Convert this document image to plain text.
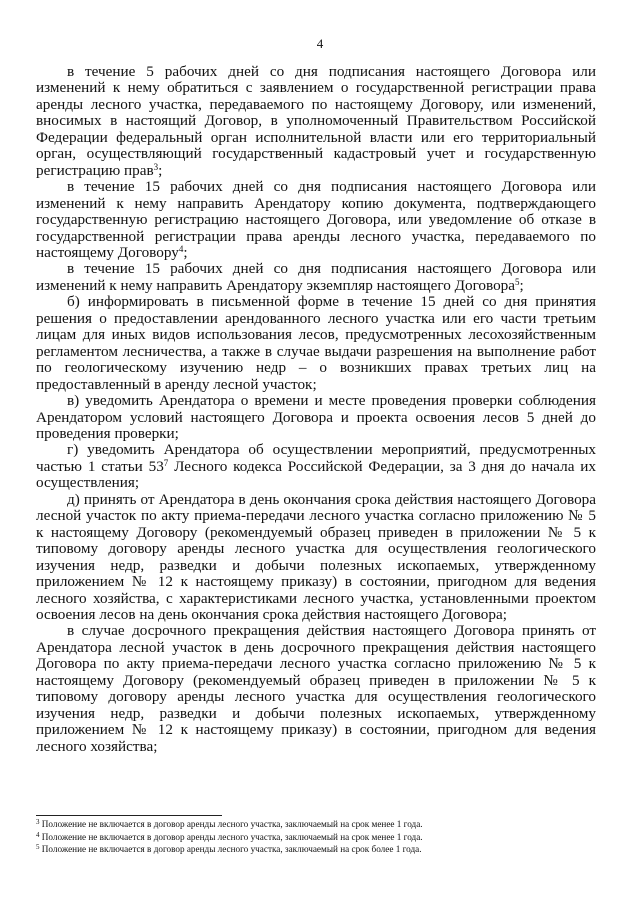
4

в течение 5 рабочих дней со дня подписания настоящего Договора или изменений к нему обратиться с заявлением о государственной регистрации права аренды лесного участка, передаваемого по настоящему Договору, или изменений, вносимых в настоящий Договор, в уполномоченный Правительством Российской Федерации федеральный орган исполнительной власти или его территориальный орган, осуществляющий государственный кадастровый учет и государственную регистрацию прав$^3$;

в течение 15 рабочих дней со дня подписания настоящего Договора или изменений к нему направить Арендатору копию документа, подтверждающего государственную регистрацию настоящего Договора, или уведомление об отказе в государственной регистрации права аренды лесного участка, передаваемого по настоящему Договору$^4$;

в течение 15 рабочих дней со дня подписания настоящего Договора или изменений к нему направить Арендатору экземпляр настоящего Договора$^5$;

б) информировать в письменной форме в течение 15 дней со дня принятия решения о предоставлении арендованного лесного участка или его части третьим лицам для иных видов использования лесов, предусмотренных лесохозяйственным регламентом лесничества, а также в случае выдачи разрешения на выполнение работ по геологическому изучению недр – о возникших правах третьих лиц на предоставленный в аренду лесной участок;

в) уведомить Арендатора о времени и месте проведения проверки соблюдения Арендатором условий настоящего Договора и проекта освоения лесов 5 дней до проведения проверки;

г) уведомить Арендатора об осуществлении мероприятий, предусмотренных частью 1 статьи $53^7$ Лесного кодекса Российской Федерации, за 3 дня до начала их осуществления;

д) принять от Арендатора в день окончания срока действия настоящего Договора лесной участок по акту приема-передачи лесного участка согласно приложению № 5 к настоящему Договору (рекомендуемый образец приведен в приложении № 5 к типовому договору аренды лесного участка для осуществления геологического изучения недр, разведки и добычи полезных ископаемых, утвержденному приложением № 12 к настоящему приказу) в состоянии, пригодном для ведения лесного хозяйства, с характеристиками лесного участка, установленными проектом освоения лесов на день окончания срока действия настоящего Договора;

в случае досрочного прекращения действия настоящего Договора принять от Арендатора лесной участок в день досрочного прекращения действия настоящего Договора по акту приема-передачи лесного участка согласно приложению № 5 к настоящему Договору (рекомендуемый образец приведен в приложении № 5 к типовому договору аренды лесного участка для осуществления геологического изучения недр, разведки и добычи полезных ископаемых, утвержденному приложением № 12 к настоящему приказу) в состоянии, пригодном для ведения лесного хозяйства;

$^3$ Положение не включается в договор аренды лесного участка, заключаемый на срок менее 1 года.

$^4$ Положение не включается в договор аренды лесного участка, заключаемый на срок менее 1 года.

$^5$ Положение не включается в договор аренды лесного участка, заключаемый на срок более 1 года.
